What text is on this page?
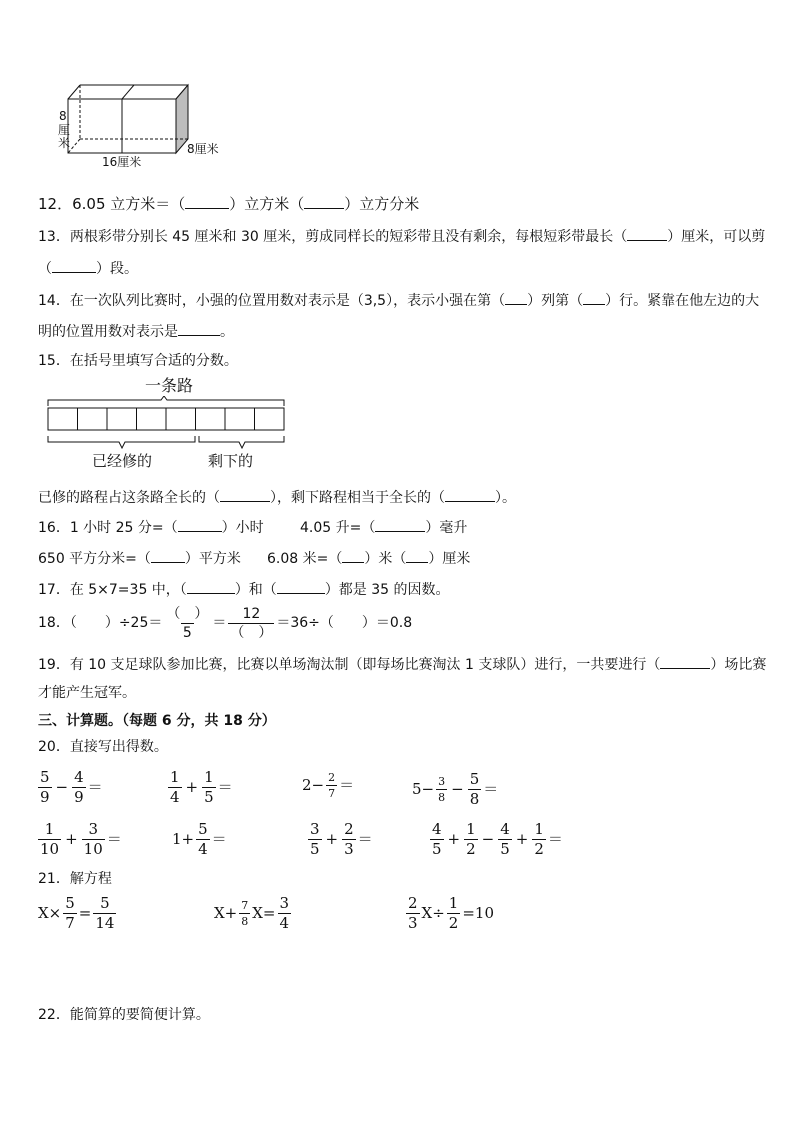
8
厘
米
16厘米
8厘米
12．6.05 立方米＝（	）立方米（	）立方分米
13．两根彩带分别长 45 厘米和 30 厘米，剪成同样长的短彩带且没有剩余，每根短彩带最长（	）厘米，可以剪
（	）段。
14．在一次队列比赛时，小强的位置用数对表示是（3,5），表示小强在第（ ）列第（ ）行。紧靠在他左边的大
明的位置用数对表示是	。
15．在括号里填写合适的分数。
一条路
已经修的	剩下的
已修的路程占这条路全长的（	），剩下路程相当于全长的（	）。
16．1 小时 25 分=（	）小时	4.05 升=（	）毫升
650 平方分米=（ ）平方米 6.08 米=（ ）米（ ）厘米
17．在 5×7=35 中，（	）和（	）都是 35 的因数。
18．（　　）$\div 25= \frac{( )}{5} = \frac{12}{( )} =36\div$（　　）＝0.8
19．有 10 支足球队参加比赛，比赛以单场淘汰制（即每场比赛淘汰 1 支球队）进行，一共要进行（	）场比赛
才能产生冠军。
三、计算题。（每题 6 分，共 18 分）
20．直接写出得数。
$\frac{5}{9} - \frac{4}{9}$ ＝	$\frac{1}{4} + \frac{1}{5}$ ＝	$2- \frac{2}{7}$ ＝	$5- \frac{3}{8} - \frac{5}{8}$ ＝
$\frac{1}{10} + \frac{3}{10}$ ＝	$1+ \frac{5}{4}$ ＝	$\frac{3}{5} + \frac{2}{3}$ ＝	$\frac{4}{5} + \frac{1}{2} - \frac{4}{5} + \frac{1}{2}$ ＝
21．解方程
$X\times \frac{5}{7} = \frac{5}{14}$	$X+ \frac{7}{8} X= \frac{3}{4}$	$\frac{2}{3} X\div \frac{1}{2} =10$
22．能简算的要简便计算。
